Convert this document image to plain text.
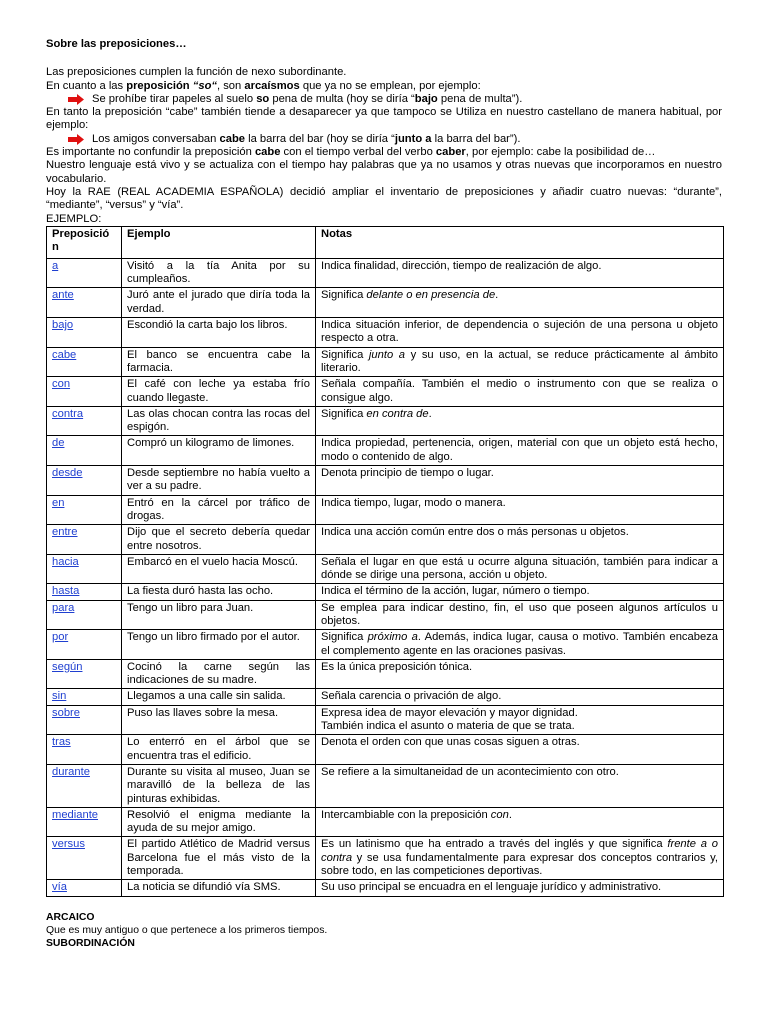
Sobre las preposiciones…

Las preposiciones cumplen la función de nexo subordinante.

En cuanto a las preposición “so“, son arcaísmos que ya no se emplean, por ejemplo:

Se prohíbe tirar papeles al suelo so pena de multa (hoy se diría “bajo pena de multa”).

En tanto la preposición “cabe” también tiende a desaparecer ya que tampoco se Utiliza en nuestro castellano de manera habitual, por ejemplo:

Los amigos conversaban cabe la barra del bar (hoy se diría “junto a la barra del bar”).

Es importante no confundir la preposición cabe con el tiempo verbal del verbo caber, por ejemplo: cabe la posibilidad de…

Nuestro lenguaje está vivo y se actualiza con el tiempo hay palabras que ya no usamos y otras nuevas que incorporamos en nuestro vocabulario.

Hoy la RAE (REAL ACADEMIA ESPAÑOLA) decidió ampliar el inventario de preposiciones y añadir cuatro nuevas: “durante”, “mediante”, “versus” y “vía”.

EJEMPLO:

Preposició n	Ejemplo	Notas
a	Visitó a la tía Anita por su cumpleaños.	Indica finalidad, dirección, tiempo de realización de algo.
ante	Juró ante el jurado que diría toda la verdad.	Significa delante o en presencia de.
bajo	Escondió la carta bajo los libros.	Indica situación inferior, de dependencia o sujeción de una persona u objeto respecto a otra.
cabe	El banco se encuentra cabe la farmacia.	Significa junto a y su uso, en la actual, se reduce prácticamente al ámbito literario.
con	El café con leche ya estaba frío cuando llegaste.	Señala compañía. También el medio o instrumento con que se realiza o consigue algo.
contra	Las olas chocan contra las rocas del espigón.	Significa en contra de.
de	Compró un kilogramo de limones.	Indica propiedad, pertenencia, origen, material con que un objeto está hecho, modo o contenido de algo.
desde	Desde septiembre no había vuelto a ver a su padre.	Denota principio de tiempo o lugar.
en	Entró en la cárcel por tráfico de drogas.	Indica tiempo, lugar, modo o manera.
entre	Dijo que el secreto debería quedar entre nosotros.	Indica una acción común entre dos o más personas u objetos.
hacia	Embarcó en el vuelo hacia Moscú.	Señala el lugar en que está u ocurre alguna situación, también para indicar a dónde se dirige una persona, acción u objeto.
hasta	La fiesta duró hasta las ocho.	Indica el término de la acción, lugar, número o tiempo.
para	Tengo un libro para Juan.	Se emplea para indicar destino, fin, el uso que poseen algunos artículos u objetos.
por	Tengo un libro firmado por el autor.	Significa próximo a. Además, indica lugar, causa o motivo. También encabeza el complemento agente en las oraciones pasivas.
según	Cocinó la carne según las indicaciones de su madre.	Es la única preposición tónica.
sin	Llegamos a una calle sin salida.	Señala carencia o privación de algo.
sobre	Puso las llaves sobre la mesa.	Expresa idea de mayor elevación y mayor dignidad.
También indica el asunto o materia de que se trata.

tras	Lo enterró en el árbol que se encuentra tras el edificio.	Denota el orden con que unas cosas siguen a otras.
durante	Durante su visita al museo, Juan se maravilló de la belleza de las pinturas exhibidas.	Se refiere a la simultaneidad de un acontecimiento con otro.
mediante	Resolvió el enigma mediante la ayuda de su mejor amigo.	Intercambiable con la preposición con.
versus	El partido Atlético de Madrid versus Barcelona fue el más visto de la temporada.	Es un latinismo que ha entrado a través del inglés y que significa frente a o contra y se usa fundamentalmente para expresar dos conceptos contrarios y, sobre todo, en las competiciones deportivas.
vía	La noticia se difundió vía SMS.	Su uso principal se encuadra en el lenguaje jurídico y administrativo.
ARCAICO
Que es muy antiguo o que pertenece a los primeros tiempos.
SUBORDINACIÓN
